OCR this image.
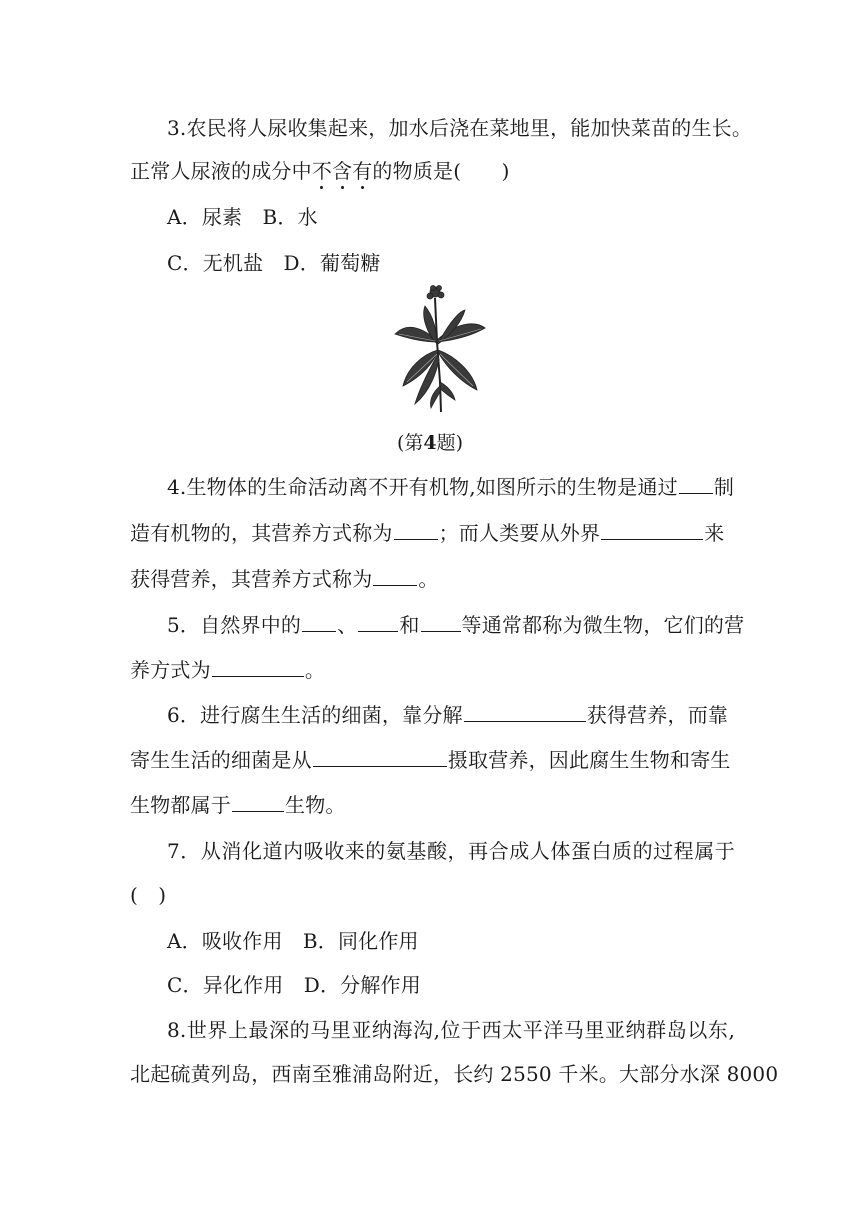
3.农民将人尿收集起来，加水后浇在菜地里，能加快菜苗的生长。
正常人尿液的成分中不含有的物质是(　　)
A．尿素　B．水
C．无机盐　D．葡萄糖
(第4题)
4.生物体的生命活动离不开有机物,如图所示的生物是通过 制
造有机物的，其营养方式称为 ；而人类要从外界	来
获得营养，其营养方式称为 。
5．自然界中的 、 和 等通常都称为微生物，它们的营
养方式为	。
6．进行腐生生活的细菌，靠分解	获得营养，而靠
寄生生活的细菌是从	摄取营养，因此腐生生物和寄生
生物都属于	生物。
7．从消化道内吸收来的氨基酸，再合成人体蛋白质的过程属于
(　)
A．吸收作用　B．同化作用
C．异化作用　D．分解作用
8.世界上最深的马里亚纳海沟,位于西太平洋马里亚纳群岛以东,
北起硫黄列岛，西南至雅浦岛附近，长约 2550 千米。大部分水深 8000
